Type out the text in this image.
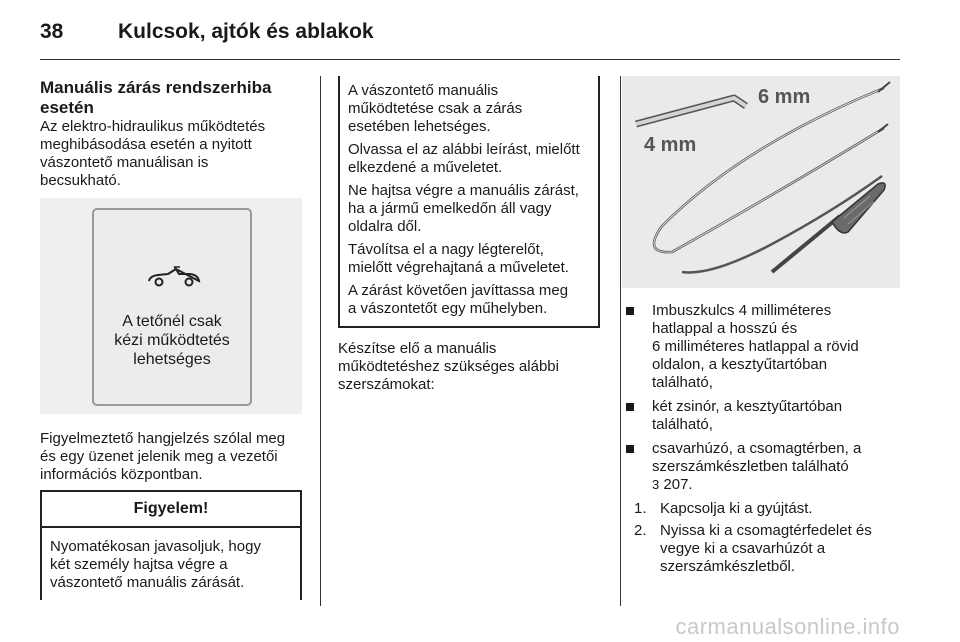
38	Kulcsok, ajtók és ablakok
Manuális zárás rendszerhiba
esetén
Az elektro-hidraulikus működtetés
meghibásodása esetén a nyitott
vászontető manuálisan is
becsukható.
A tetőnél csak
kézi működtetés
lehetséges
Figyelmeztető hangjelzés szólal meg
és egy üzenet jelenik meg a vezetői
információs központban.
Figyelem!
Nyomatékosan javasoljuk, hogy
két személy hajtsa végre a
vászontető manuális zárását.

A vászontető manuális
működtetése csak a zárás
esetében lehetséges.

Olvassa el az alábbi leírást, mielőtt
elkezdené a műveletet.

Ne hajtsa végre a manuális zárást,
ha a jármű emelkedőn áll vagy
oldalra dől.

Távolítsa el a nagy légterelőt,
mielőtt végrehajtaná a műveletet.

A zárást követően javíttassa meg
a vászontetőt egy műhelyben.

Készítse elő a manuális
működtetéshez szükséges alábbi
szerszámokat:
6 mm
4 mm
Imbuszkulcs 4 milliméteres
hatlappal a hosszú és
6 milliméteres hatlappal a rövid
oldalon, a kesztyűtartóban
található,
két zsinór, a kesztyűtartóban
található,
csavarhúzó, a csomagtérben, a
szerszámkészletben található
3 207.
1. Kapcsolja ki a gyújtást.
2. Nyissa ki a csomagtérfedelet és
vegye ki a csavarhúzót a
szerszámkészletből.
carmanualsonline.info
